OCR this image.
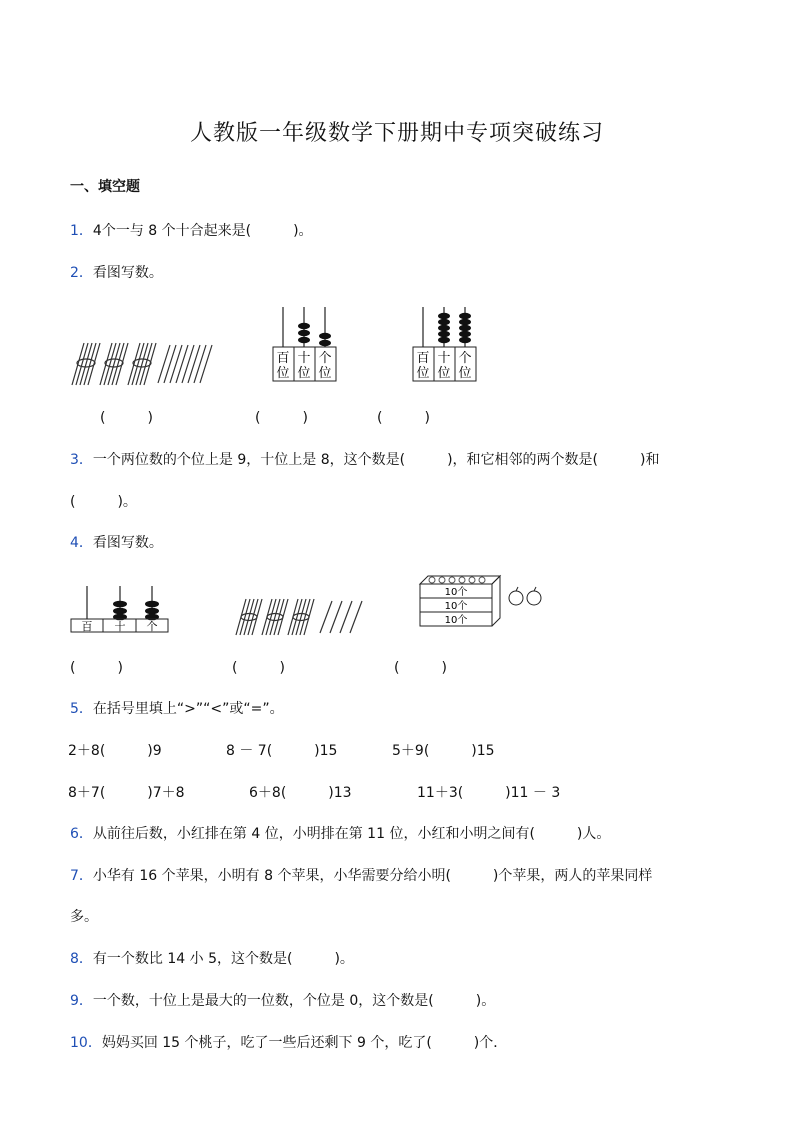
人教版一年级数学下册期中专项突破练习
一、填空题
1．4个一与 8 个十合起来是(　　　)。
2．看图写数。
百 十 个
位 位 位
百 十 个
位 位 位
(　　　)	(　　　)	(　　　)
3．一个两位数的个位上是 9，十位上是 8，这个数是(　　　)，和它相邻的两个数是(　　　)和
(　　　)。
4．看图写数。
百 十 个
10个
10个
10个
(　　　)	(　　　)	(　　　)
5．在括号里填上“>”“<”或“=”。
2＋8(　　　)9	8 － 7(　　　)15	5＋9(　　　)15
8＋7(　　　)7＋8	6＋8(　　　)13	11＋3(　　　)11 － 3
6．从前往后数，小红排在第 4 位，小明排在第 11 位，小红和小明之间有(　　　)人。
7．小华有 16 个苹果，小明有 8 个苹果，小华需要分给小明(　　　)个苹果，两人的苹果同样
多。
8．有一个数比 14 小 5，这个数是(　　　)。
9．一个数，十位上是最大的一位数，个位是 0，这个数是(　　　)。
10．妈妈买回 15 个桃子，吃了一些后还剩下 9 个，吃了(　　　)个．
